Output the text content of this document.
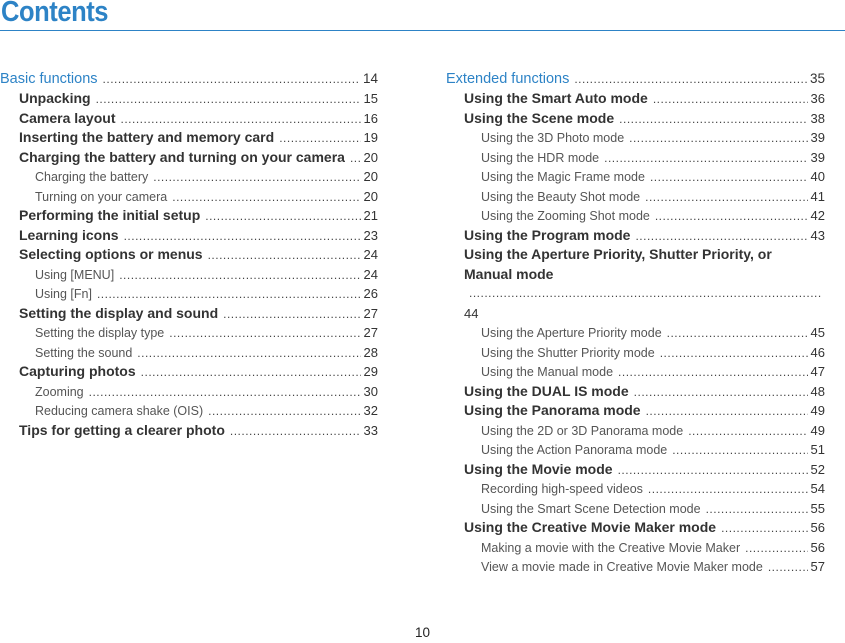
Contents
Basic functions .....	14
Unpacking .....	15
Camera layout .....	16
Inserting the battery and memory card .....	19
Charging the battery and turning on your camera ..... 20
Charging the battery .....	20
Turning on your camera .....	20
Performing the initial setup .....	21
Learning icons .....	23
Selecting options or menus .....	24
Using [MENU] .....	24
Using [Fn] .....	26
Setting the display and sound .....	27
Setting the display type .....	27
Setting the sound .....	28
Capturing photos .....	29
Zooming .....	30
Reducing camera shake (OIS) .....	32
Tips for getting a clearer photo .....	33
Extended functions .....	35
Using the Smart Auto mode .....	36
Using the Scene mode .....	38
Using the 3D Photo mode .....	39
Using the HDR mode .....	39
Using the Magic Frame mode .....	40
Using the Beauty Shot mode .....	41
Using the Zooming Shot mode .....	42
Using the Program mode .....	43
Using the Aperture Priority, Shutter Priority, or
Manual mode
.....
44
Using the Aperture Priority mode .....	45
Using the Shutter Priority mode .....	46
Using the Manual mode .....	47
Using the DUAL IS mode .....	48
Using the Panorama mode .....	49
Using the 2D or 3D Panorama mode .....	49
Using the Action Panorama mode .....	51
Using the Movie mode .....	52
Recording high-speed videos .....	54
Using the Smart Scene Detection mode .....	55
Using the Creative Movie Maker mode .....	56
Making a movie with the Creative Movie Maker .....	56
View a movie made in Creative Movie Maker mode .....	57
10
